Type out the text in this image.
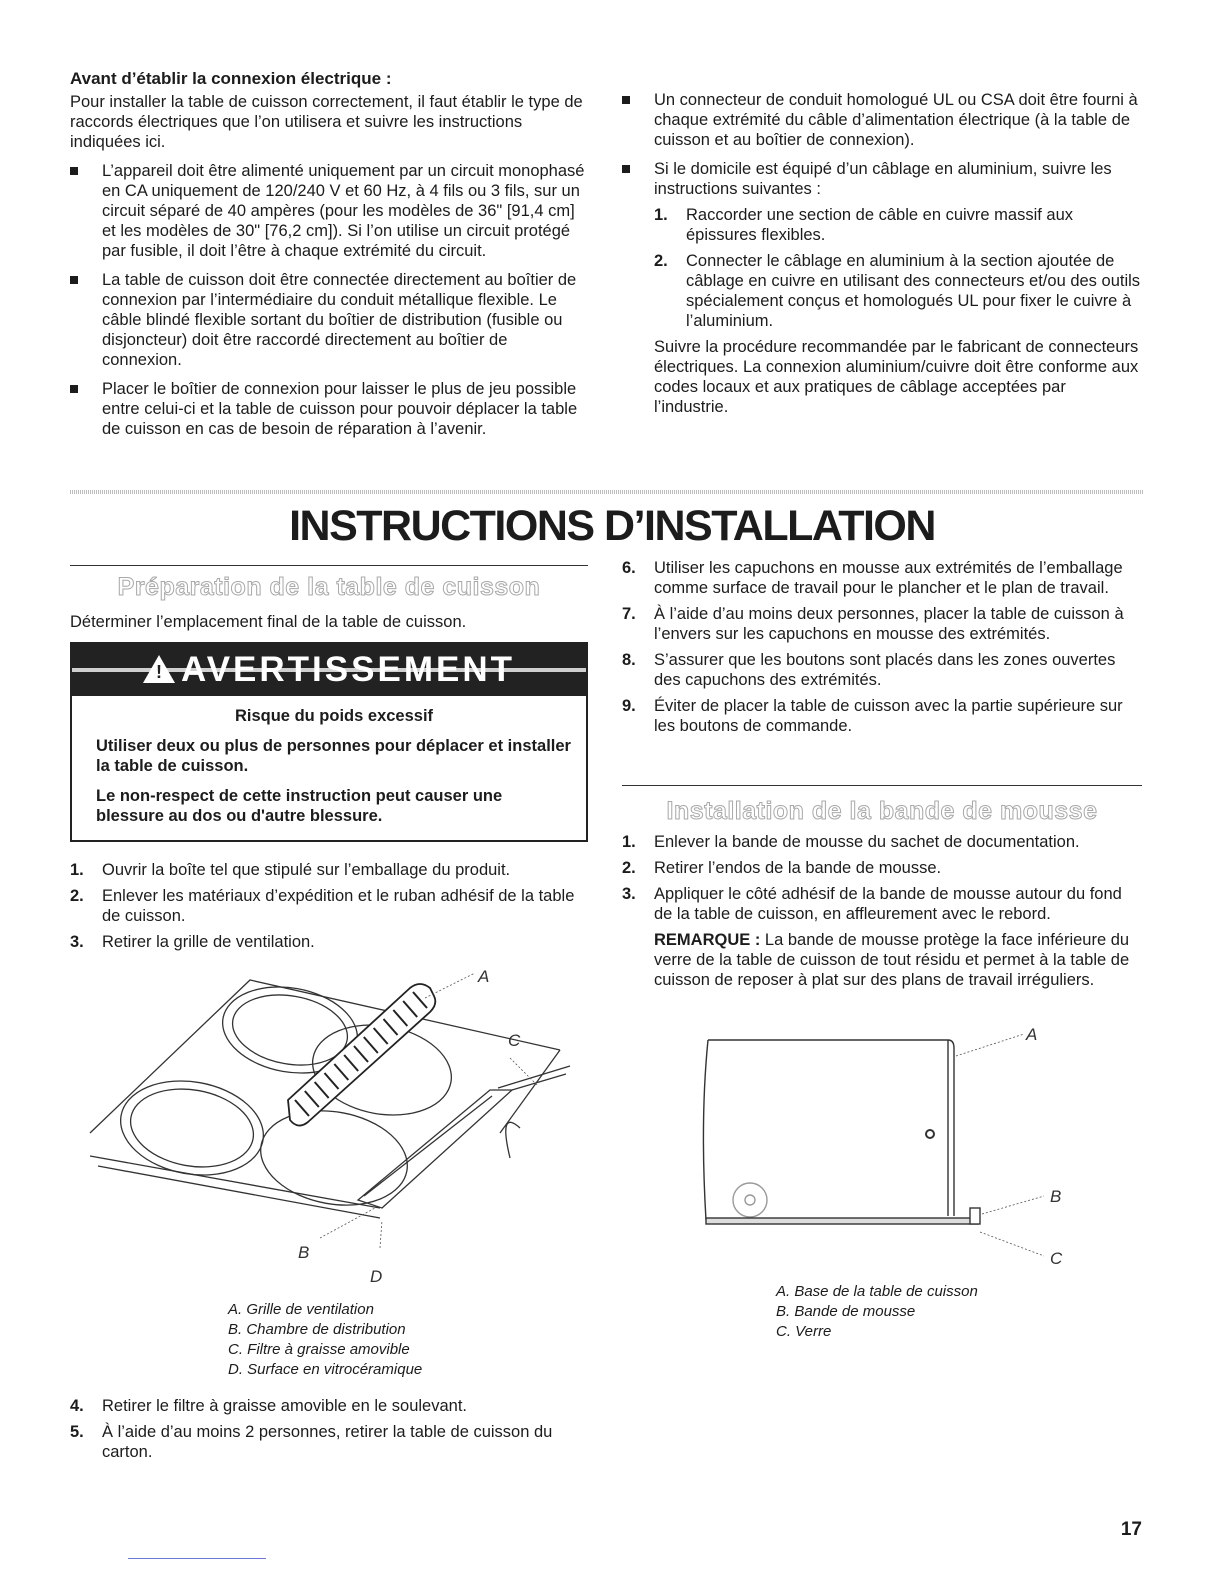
Avant d’établir la connexion électrique :

Pour installer la table de cuisson correctement, il faut établir le type de raccords électriques que l’on utilisera et suivre les instructions indiquées ici.

L’appareil doit être alimenté uniquement par un circuit monophasé en CA uniquement de 120/240 V et 60 Hz, à 4 fils ou 3 fils, sur un circuit séparé de 40 ampères (pour les modèles de 36" [91,4 cm] et les modèles de 30" [76,2 cm]). Si l’on utilise un circuit protégé par fusible, il doit l’être à chaque extrémité du circuit.
La table de cuisson doit être connectée directement au boîtier de connexion par l’intermédiaire du conduit métallique flexible. Le câble blindé flexible sortant du boîtier de distribution (fusible ou disjoncteur) doit être raccordé directement au boîtier de connexion.
Placer le boîtier de connexion pour laisser le plus de jeu possible entre celui-ci et la table de cuisson pour pouvoir déplacer la table de cuisson en cas de besoin de réparation à l’avenir.
Un connecteur de conduit homologué UL ou CSA doit être fourni à chaque extrémité du câble d’alimentation électrique (à la table de cuisson et au boîtier de connexion).
Si le domicile est équipé d’un câblage en aluminium, suivre les instructions suivantes :
1. Raccorder une section de câble en cuivre massif aux épissures flexibles.
2. Connecter le câblage en aluminium à la section ajoutée de câblage en cuivre en utilisant des connecteurs et/ou des outils spécialement conçus et homologués UL pour fixer le cuivre à l’aluminium.

Suivre la procédure recommandée par le fabricant de connecteurs électriques. La connexion aluminium/cuivre doit être conforme aux codes locaux et aux pratiques de câblage acceptées par l’industrie.

INSTRUCTIONS D’INSTALLATION
Préparation de la table de cuisson

Déterminer l’emplacement final de la table de cuisson.

! AVERTISSEMENT

Risque du poids excessif

Utiliser deux ou plus de personnes pour déplacer et installer la table de cuisson.

Le non-respect de cette instruction peut causer une blessure au dos ou d'autre blessure.

1. Ouvrir la boîte tel que stipulé sur l’emballage du produit.
2. Enlever les matériaux d’expédition et le ruban adhésif de la table de cuisson.
3. Retirer la grille de ventilation.
A
B
C
D

A. Grille de ventilation

B. Chambre de distribution

C. Filtre à graisse amovible

D. Surface en vitrocéramique

4. Retirer le filtre à graisse amovible en le soulevant.
5. À l’aide d’au moins 2 personnes, retirer la table de cuisson du carton.
6. Utiliser les capuchons en mousse aux extrémités de l’emballage comme surface de travail pour le plancher et le plan de travail.
7. À l’aide d’au moins deux personnes, placer la table de cuisson à l’envers sur les capuchons en mousse des extrémités.
8. S’assurer que les boutons sont placés dans les zones ouvertes des capuchons des extrémités.
9. Éviter de placer la table de cuisson avec la partie supérieure sur les boutons de commande.
Installation de la bande de mousse
1. Enlever la bande de mousse du sachet de documentation.
2. Retirer l’endos de la bande de mousse.
3. Appliquer le côté adhésif de la bande de mousse autour du fond de la table de cuisson, en affleurement avec le rebord.

REMARQUE : La bande de mousse protège la face inférieure du verre de la table de cuisson de tout résidu et permet à la table de cuisson de reposer à plat sur des plans de travail irréguliers.

A
B
C

A. Base de la table de cuisson

B. Bande de mousse

C. Verre

17
